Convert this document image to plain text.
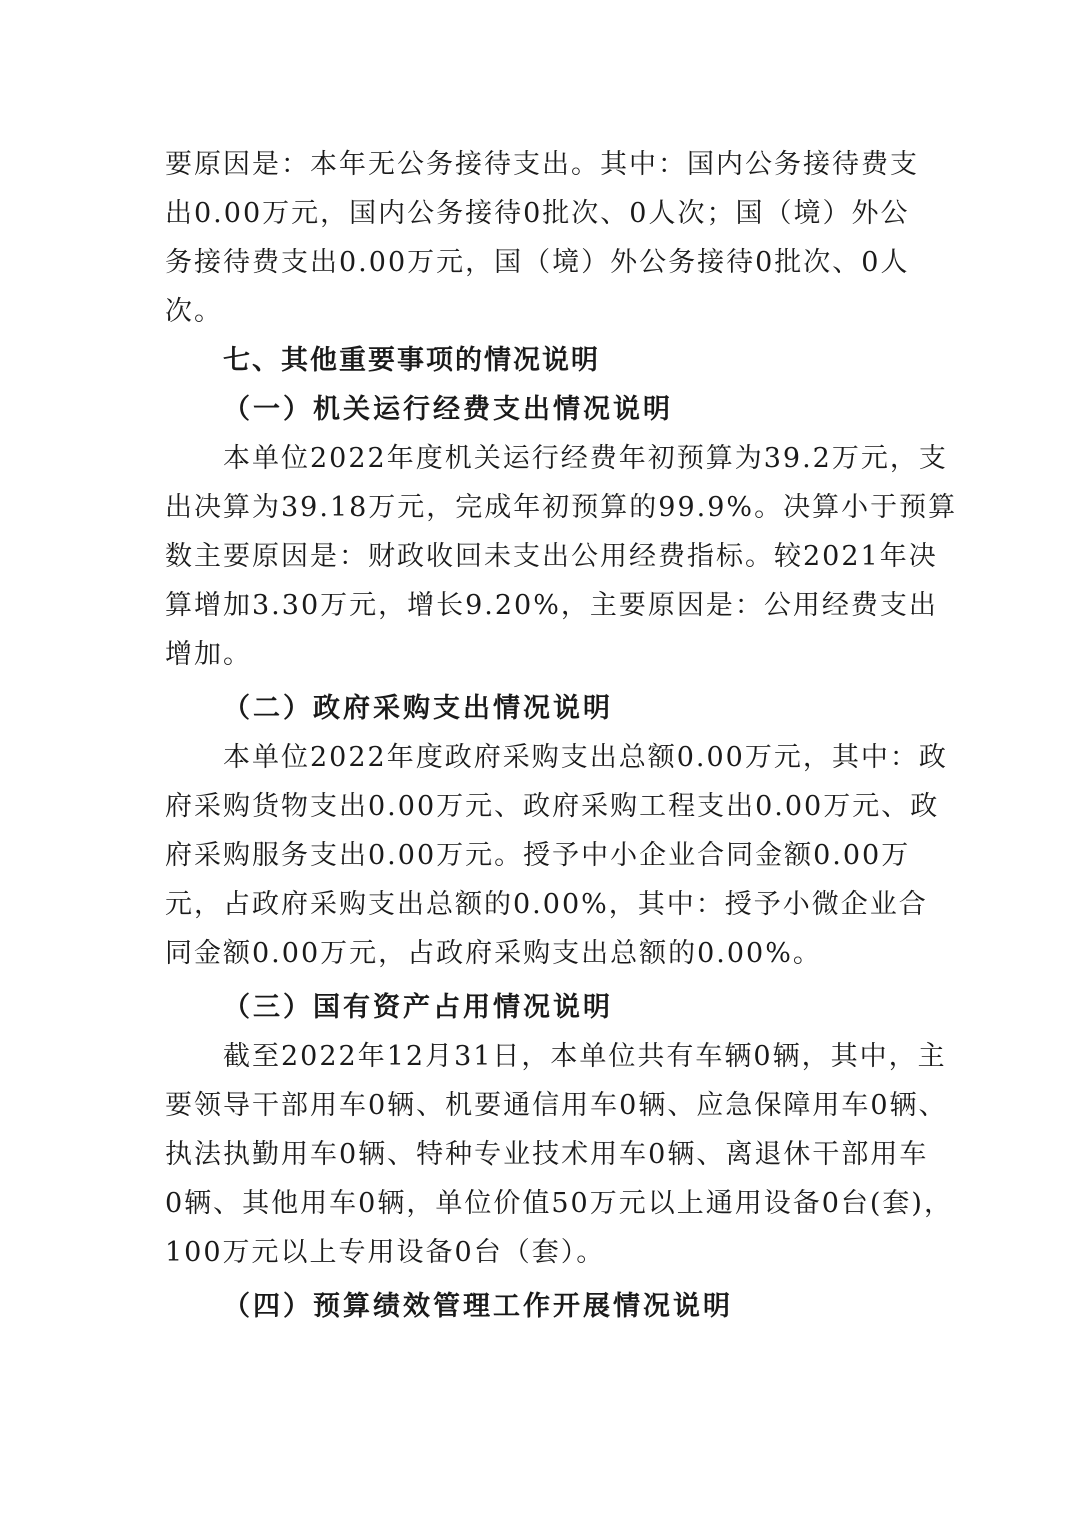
要原因是：本年无公务接待支出。其中：国内公务接待费支
出0.00万元，国内公务接待0批次、0人次；国（境）外公
务接待费支出0.00万元，国（境）外公务接待0批次、0人
次。
七、其他重要事项的情况说明
（一）机关运行经费支出情况说明
本单位2022年度机关运行经费年初预算为39.2万元，支
出决算为39.18万元，完成年初预算的99.9%。决算小于预算
数主要原因是：财政收回未支出公用经费指标。较2021年决
算增加3.30万元，增长9.20%，主要原因是：公用经费支出
增加。
（二）政府采购支出情况说明
本单位2022年度政府采购支出总额0.00万元，其中：政
府采购货物支出0.00万元、政府采购工程支出0.00万元、政
府采购服务支出0.00万元。授予中小企业合同金额0.00万
元，占政府采购支出总额的0.00%，其中：授予小微企业合
同金额0.00万元，占政府采购支出总额的0.00%。
（三）国有资产占用情况说明
截至2022年12月31日，本单位共有车辆0辆，其中，主
要领导干部用车0辆、机要通信用车0辆、应急保障用车0辆、
执法执勤用车0辆、特种专业技术用车0辆、离退休干部用车
0辆、其他用车0辆，单位价值50万元以上通用设备0台(套)，
100万元以上专用设备0台（套）。
（四）预算绩效管理工作开展情况说明
